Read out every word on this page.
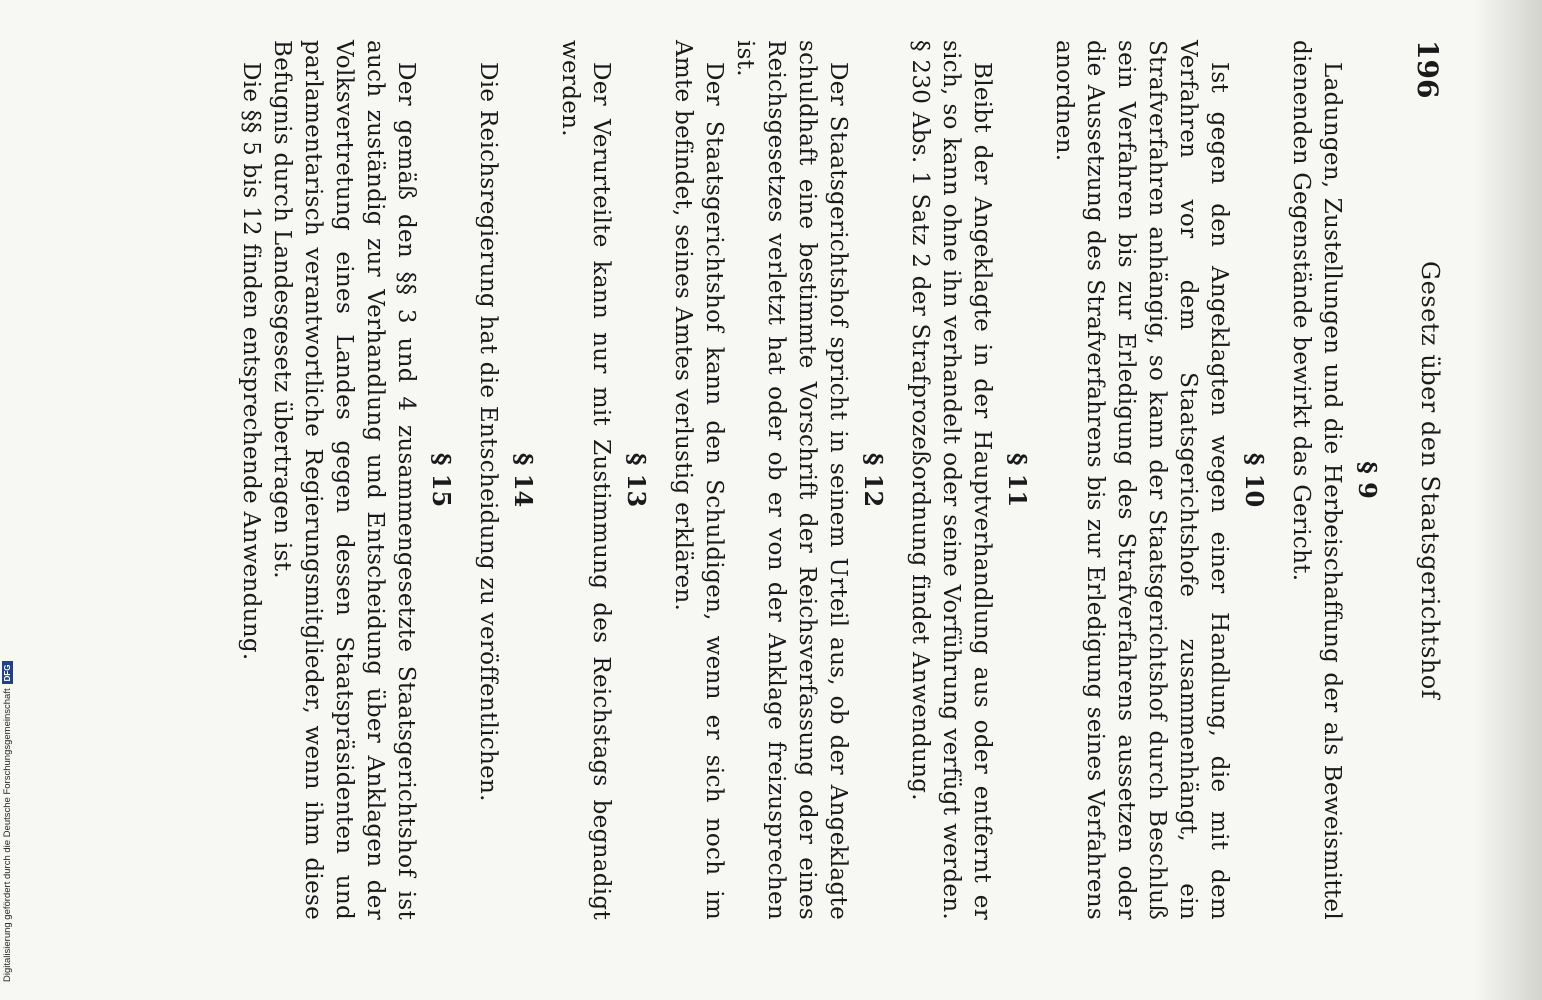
196
Gesetz über den Staatsgerichtshof
§ 9

Ladungen, Zustellungen und die Herbeischaffung der als Beweismittel dienenden Gegenstände bewirkt das Gericht.

§ 10

Ist gegen den Angeklagten wegen einer Handlung, die mit dem Verfahren vor dem Staatsgerichtshofe zusammenhängt, ein Strafverfahren anhängig, so kann der Staatsgerichtshof durch Beschluß sein Verfahren bis zur Erledigung des Strafverfahrens aussetzen oder die Aussetzung des Strafverfahrens bis zur Erledigung seines Verfahrens anordnen.

§ 11

Bleibt der Angeklagte in der Hauptverhandlung aus oder entfernt er sich, so kann ohne ihn verhandelt oder seine Vorführung verfügt werden. § 230 Abs. 1 Satz 2 der Strafprozeßordnung findet Anwendung.

§ 12

Der Staatsgerichtshof spricht in seinem Urteil aus, ob der Angeklagte schuldhaft eine bestimmte Vorschrift der Reichsverfassung oder eines Reichsgesetzes verletzt hat oder ob er von der Anklage freizusprechen ist.

Der Staatsgerichtshof kann den Schuldigen, wenn er sich noch im Amte befindet, seines Amtes verlustig erklären.

§ 13

Der Verurteilte kann nur mit Zustimmung des Reichstags begnadigt werden.

§ 14

Die Reichsregierung hat die Entscheidung zu veröffentlichen.

§ 15

Der gemäß den §§ 3 und 4 zusammengesetzte Staatsgerichtshof ist auch zuständig zur Verhandlung und Entscheidung über Anklagen der Volksvertretung eines Landes gegen dessen Staatspräsidenten und parlamentarisch verantwortliche Regierungsmitglieder, wenn ihm diese Befugnis durch Landesgesetz übertragen ist.

Die §§ 5 bis 12 finden entsprechende Anwendung.

Digitalisierung gefördert durch die Deutsche Forschungsgemeinschaft
DFG
